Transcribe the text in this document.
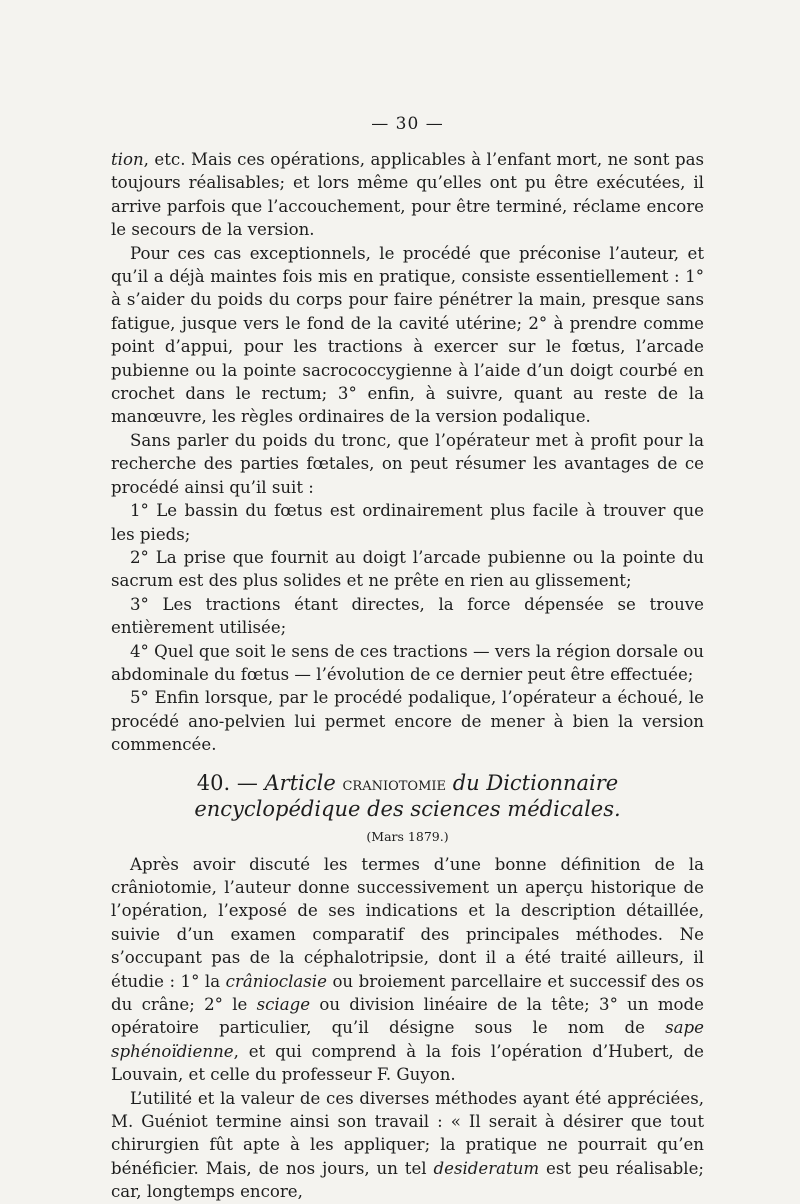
— 30 —

tion, etc. Mais ces opérations, applicables à l’enfant mort, ne sont pas toujours réalisables; et lors même qu’elles ont pu être exécutées, il arrive parfois que l’accouchement, pour être terminé, réclame encore le secours de la version.

Pour ces cas exceptionnels, le procédé que préconise l’auteur, et qu’il a déjà maintes fois mis en pratique, consiste essentiellement : 1° à s’aider du poids du corps pour faire pénétrer la main, presque sans fatigue, jusque vers le fond de la cavité utérine; 2° à prendre comme point d’appui, pour les tractions à exercer sur le fœtus, l’arcade pubienne ou la pointe sacrococcygienne à l’aide d’un doigt courbé en crochet dans le rectum; 3° enfin, à suivre, quant au reste de la manœuvre, les règles ordinaires de la version podalique.

Sans parler du poids du tronc, que l’opérateur met à profit pour la recherche des parties fœtales, on peut résumer les avantages de ce procédé ainsi qu’il suit :

1° Le bassin du fœtus est ordinairement plus facile à trouver que les pieds;

2° La prise que fournit au doigt l’arcade pubienne ou la pointe du sacrum est des plus solides et ne prête en rien au glissement;

3° Les tractions étant directes, la force dépensée se trouve entièrement utilisée;

4° Quel que soit le sens de ces tractions — vers la région dorsale ou abdominale du fœtus — l’évolution de ce dernier peut être effectuée;

5° Enfin lorsque, par le procédé podalique, l’opérateur a échoué, le procédé ano-pelvien lui permet encore de mener à bien la version commencée.

40. — Article craniotomie du Dictionnaire encyclopédique des sciences médicales.
(Mars 1879.)

Après avoir discuté les termes d’une bonne définition de la crâniotomie, l’auteur donne successivement un aperçu historique de l’opération, l’exposé de ses indications et la description détaillée, suivie d’un examen comparatif des principales méthodes. Ne s’occupant pas de la céphalotripsie, dont il a été traité ailleurs, il étudie : 1° la crânioclasie ou broiement parcellaire et successif des os du crâne; 2° le sciage ou division linéaire de la tête; 3° un mode opératoire particulier, qu’il désigne sous le nom de sape sphénoïdienne, et qui comprend à la fois l’opération d’Hubert, de Louvain, et celle du professeur F. Guyon.

L’utilité et la valeur de ces diverses méthodes ayant été appréciées, M. Guéniot termine ainsi son travail : « Il serait à désirer que tout chirurgien fût apte à les appliquer; la pratique ne pourrait qu’en bénéficier. Mais, de nos jours, un tel desideratum est peu réalisable; car, longtemps encore,
